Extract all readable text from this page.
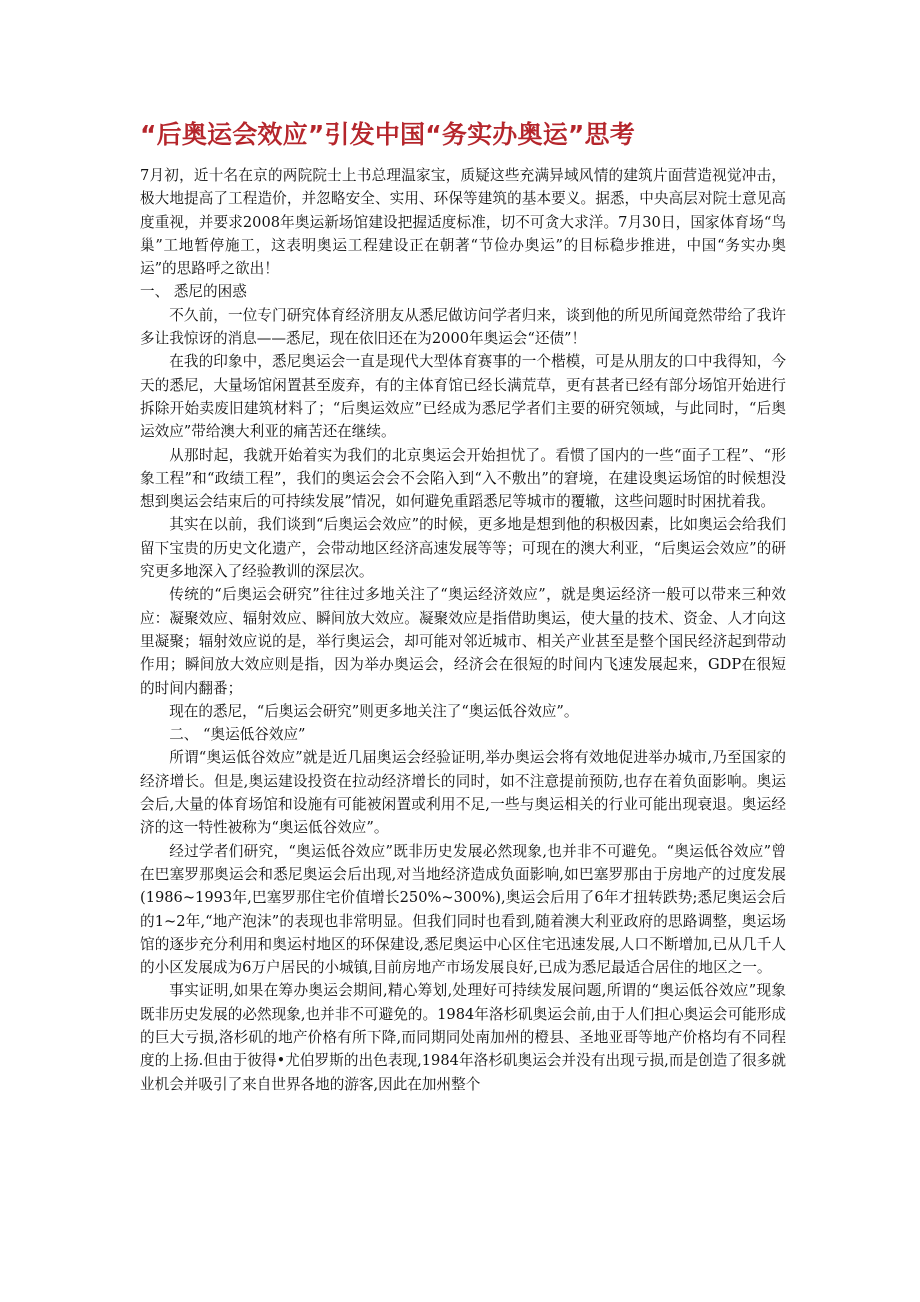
“后奥运会效应”引发中国“务实办奥运”思考

7月初，近十名在京的两院院士上书总理温家宝，质疑这些充满异域风情的建筑片面营造视觉冲击，极大地提高了工程造价，并忽略安全、实用、环保等建筑的基本要义。据悉，中央高层对院士意见高度重视，并要求2008年奥运新场馆建设把握适度标准，切不可贪大求洋。7月30日，国家体育场“鸟巢”工地暂停施工，这表明奥运工程建设正在朝著“节俭办奥运”的目标稳步推进，中国“务实办奥运”的思路呼之欲出！

一、 悉尼的困惑

不久前，一位专门研究体育经济朋友从悉尼做访问学者归来，谈到他的所见所闻竟然带给了我许多让我惊讶的消息——悉尼，现在依旧还在为2000年奥运会“还债”！

在我的印象中，悉尼奥运会一直是现代大型体育赛事的一个楷模，可是从朋友的口中我得知，今天的悉尼，大量场馆闲置甚至废弃，有的主体育馆已经长满荒草，更有甚者已经有部分场馆开始进行拆除开始卖废旧建筑材料了；“后奥运效应”已经成为悉尼学者们主要的研究领域，与此同时，“后奥运效应”带给澳大利亚的痛苦还在继续。

从那时起，我就开始着实为我们的北京奥运会开始担忧了。看惯了国内的一些“面子工程”、“形象工程”和“政绩工程”，我们的奥运会会不会陷入到“入不敷出”的窘境，在建设奥运场馆的时候想没想到奥运会结束后的可持续发展”情况，如何避免重蹈悉尼等城市的覆辙，这些问题时时困扰着我。

其实在以前，我们谈到“后奥运会效应”的时候，更多地是想到他的积极因素，比如奥运会给我们留下宝贵的历史文化遗产，会带动地区经济高速发展等等；可现在的澳大利亚，“后奥运会效应”的研究更多地深入了经验教训的深层次。

传统的“后奥运会研究”往往过多地关注了“奥运经济效应”，就是奥运经济一般可以带来三种效应：凝聚效应、辐射效应、瞬间放大效应。凝聚效应是指借助奥运，使大量的技术、资金、人才向这里凝聚；辐射效应说的是，举行奥运会，却可能对邻近城市、相关产业甚至是整个国民经济起到带动作用；瞬间放大效应则是指，因为举办奥运会，经济会在很短的时间内飞速发展起来，GDP在很短的时间内翻番；

现在的悉尼，“后奥运会研究”则更多地关注了“奥运低谷效应”。

二、 “奥运低谷效应”

所谓“奥运低谷效应”就是近几届奥运会经验证明,举办奥运会将有效地促进举办城市,乃至国家的经济增长。但是,奥运建设投资在拉动经济增长的同时，如不注意提前预防,也存在着负面影响。奥运会后,大量的体育场馆和设施有可能被闲置或利用不足,一些与奥运相关的行业可能出现衰退。奥运经济的这一特性被称为“奥运低谷效应”。

经过学者们研究，“奥运低谷效应”既非历史发展必然现象,也并非不可避免。“奥运低谷效应”曾在巴塞罗那奥运会和悉尼奥运会后出现,对当地经济造成负面影响,如巴塞罗那由于房地产的过度发展(1986~1993年,巴塞罗那住宅价值增长250%~300%),奥运会后用了6年才扭转跌势;悉尼奥运会后的1~2年,“地产泡沫”的表现也非常明显。但我们同时也看到,随着澳大利亚政府的思路调整，奥运场馆的逐步充分利用和奥运村地区的环保建设,悉尼奥运中心区住宅迅速发展,人口不断增加,已从几千人的小区发展成为6万户居民的小城镇,目前房地产市场发展良好,已成为悉尼最适合居住的地区之一。

事实证明,如果在筹办奥运会期间,精心筹划,处理好可持续发展问题,所谓的“奥运低谷效应”现象既非历史发展的必然现象,也并非不可避免的。1984年洛杉矶奥运会前,由于人们担心奥运会可能形成的巨大亏损,洛杉矶的地产价格有所下降,而同期同处南加州的橙县、圣地亚哥等地产价格均有不同程度的上扬.但由于彼得•尤伯罗斯的出色表现,1984年洛杉矶奥运会并没有出现亏损,而是创造了很多就业机会并吸引了来自世界各地的游客,因此在加州整个
